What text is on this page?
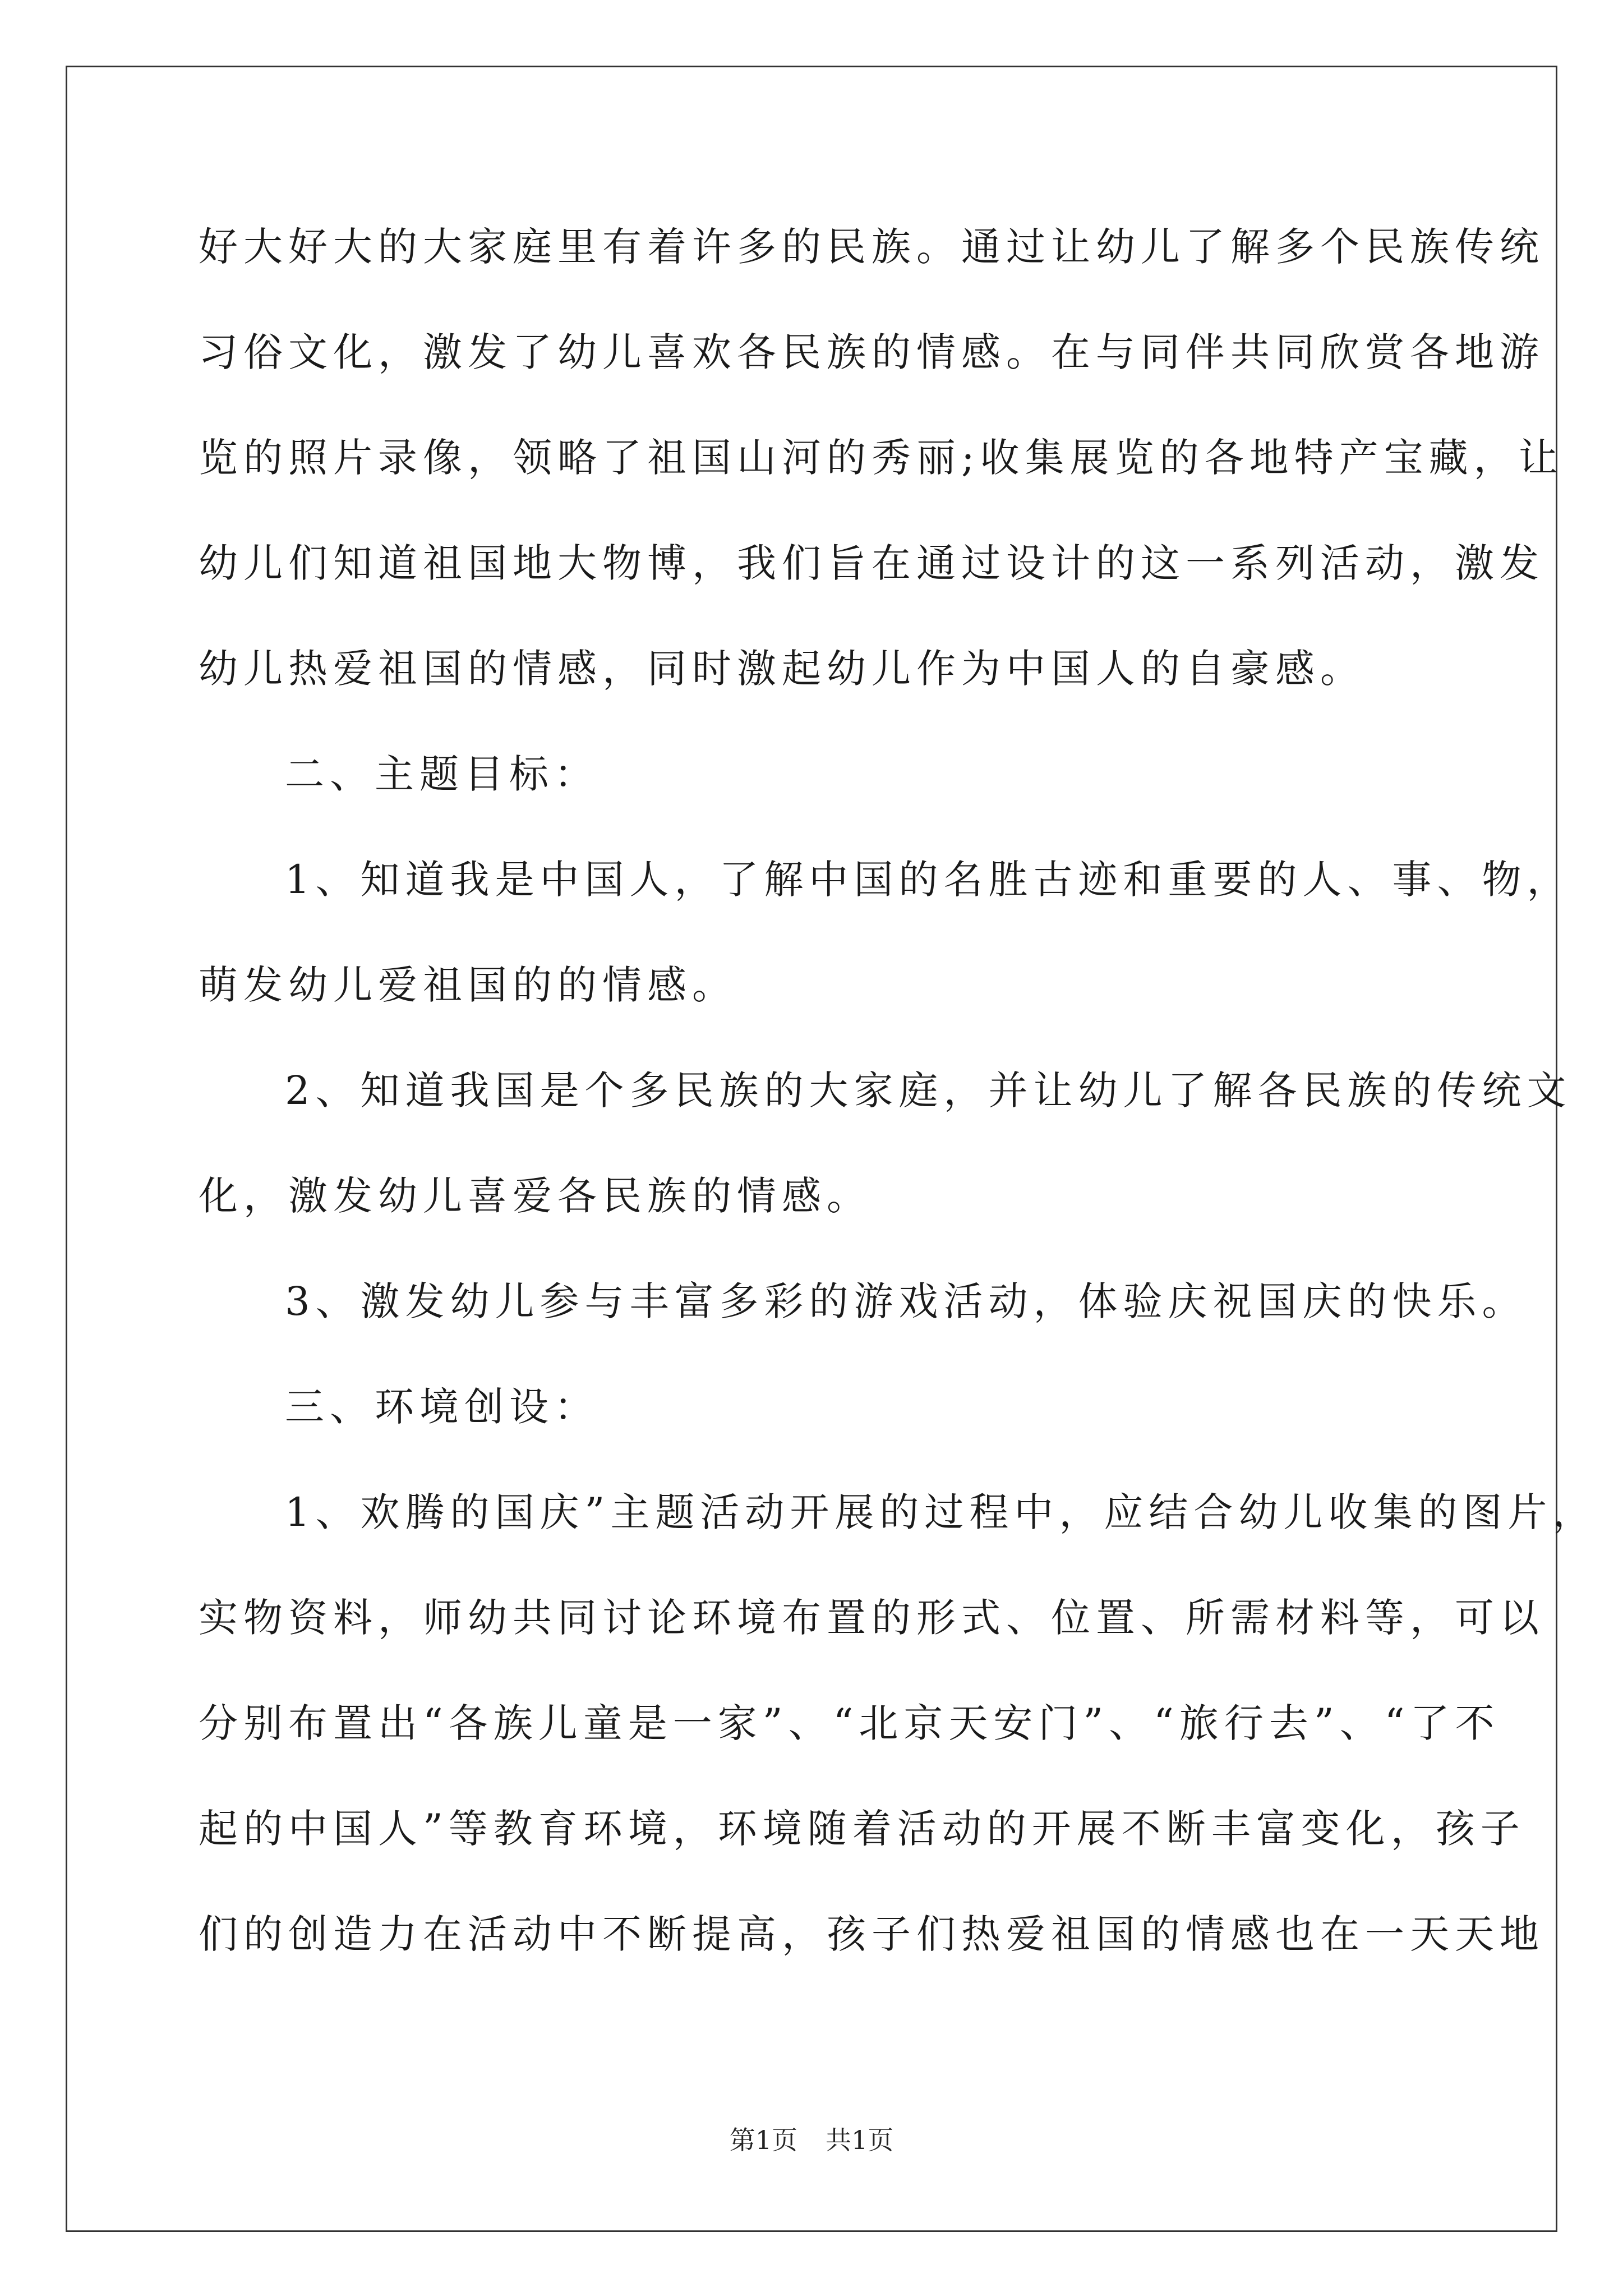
好大好大的大家庭里有着许多的民族。通过让幼儿了解多个民族传统
习俗文化，激发了幼儿喜欢各民族的情感。在与同伴共同欣赏各地游
览的照片录像，领略了祖国山河的秀丽;收集展览的各地特产宝藏，让
幼儿们知道祖国地大物博，我们旨在通过设计的这一系列活动，激发
幼儿热爱祖国的情感，同时激起幼儿作为中国人的自豪感。
二、主题目标：
1、知道我是中国人，了解中国的名胜古迹和重要的人、事、物，
萌发幼儿爱祖国的的情感。
2、知道我国是个多民族的大家庭，并让幼儿了解各民族的传统文
化，激发幼儿喜爱各民族的情感。
3、激发幼儿参与丰富多彩的游戏活动，体验庆祝国庆的快乐。
三、环境创设：
1、欢腾的国庆”主题活动开展的过程中，应结合幼儿收集的图片，
实物资料，师幼共同讨论环境布置的形式、位置、所需材料等，可以
分别布置出“各族儿童是一家”、“北京天安门”、“旅行去”、“了不
起的中国人”等教育环境，环境随着活动的开展不断丰富变化，孩子
们的创造力在活动中不断提高，孩子们热爱祖国的情感也在一天天地
第1页 共1页
